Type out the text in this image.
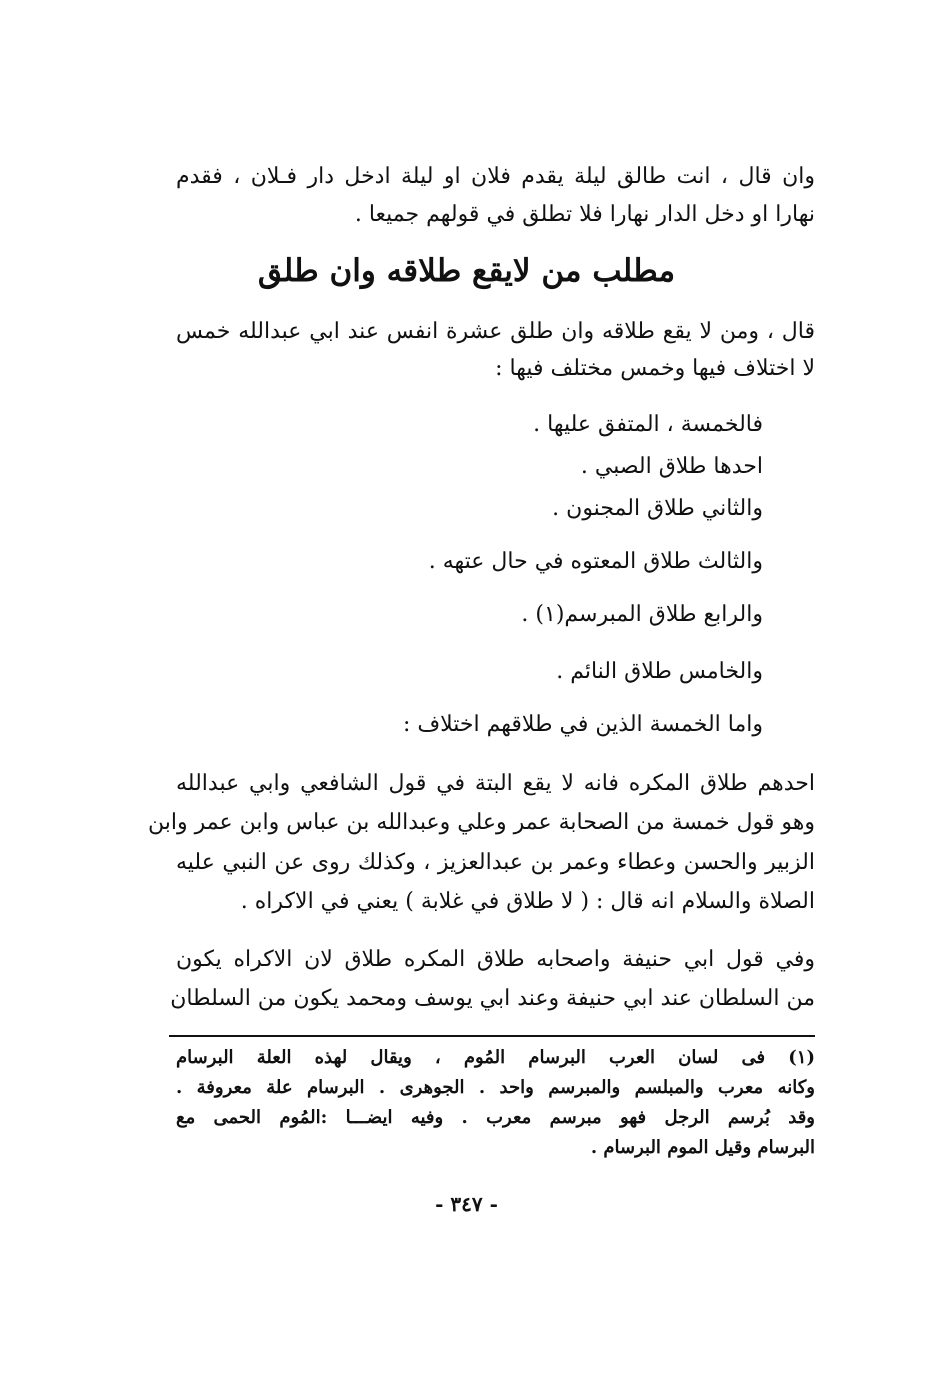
وان قال ، انت طالق ليلة يقدم فلان او ليلة ادخل دار فـلان ، فقدم
نهارا او دخل الدار نهارا فلا تطلق في قولهم جميعا .
مطلب من لايقع طلاقه وان طلق
قال ، ومن لا يقع طلاقه وان طلق عشرة انفس عند ابي عبدالله خمس
لا اختلاف فيها وخمس مختلف فيها :
فالخمسة ، المتفق عليها .
احدها طلاق الصبي .
والثاني طلاق المجنون .
والثالث طلاق المعتوه في حال عتهه .
والرابع طلاق المبرسم(١) .
والخامس طلاق النائم .
واما الخمسة الذين في طلاقهم اختلاف :
احدهم طلاق المكره فانه لا يقع البتة في قول الشافعي وابي عبدالله
وهو قول خمسة من الصحابة عمر وعلي وعبدالله بن عباس وابن عمر وابن
الزبير والحسن وعطاء وعمر بن عبدالعزيز ، وكذلك روى عن النبي عليه
الصلاة والسلام انه قال : ( لا طلاق في غلابة ) يعني في الاكراه .
وفي قول ابي حنيفة واصحابه طلاق المكره طلاق لان الاكراه يكون
من السلطان عند ابي حنيفة وعند ابي يوسف ومحمد يكون من السلطان
(١) فى لسان العرب البرسام المُوم ، ويقال لهذه العلة البرسام
وكانه معرب والمبلسم والمبرسم واحد . الجوهرى . البرسام علة معروفة .
وقد بُرسم الرجل فهو مبرسم معرب . وفيه ايضـــا :المُوم الحمى مع
البرسام وقيل الموم البرسام .
- ٣٤٧ -
